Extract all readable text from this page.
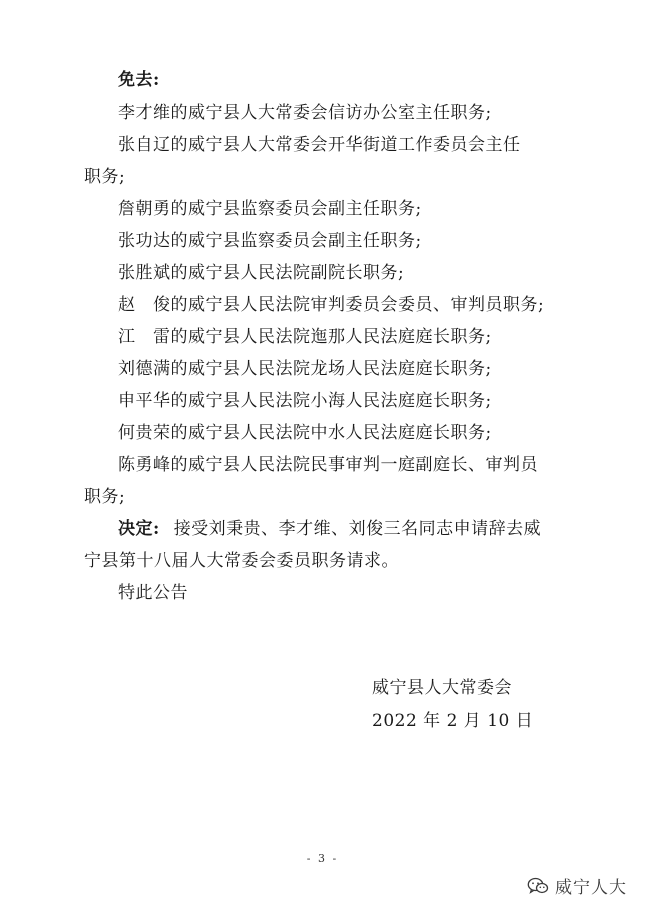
免去:
李才维的威宁县人大常委会信访办公室主任职务;
张自辽的威宁县人大常委会开华街道工作委员会主任
职务;
詹朝勇的威宁县监察委员会副主任职务;
张功达的威宁县监察委员会副主任职务;
张胜斌的威宁县人民法院副院长职务;
赵　俊的威宁县人民法院审判委员会委员、审判员职务;
江　雷的威宁县人民法院迤那人民法庭庭长职务;
刘德满的威宁县人民法院龙场人民法庭庭长职务;
申平华的威宁县人民法院小海人民法庭庭长职务;
何贵荣的威宁县人民法院中水人民法庭庭长职务;
陈勇峰的威宁县人民法院民事审判一庭副庭长、审判员
职务;
决定: 接受刘秉贵、李才维、刘俊三名同志申请辞去威
宁县第十八届人大常委会委员职务请求。
特此公告
威宁县人大常委会
2022 年 2 月 10 日
- 3 -
威宁人大
